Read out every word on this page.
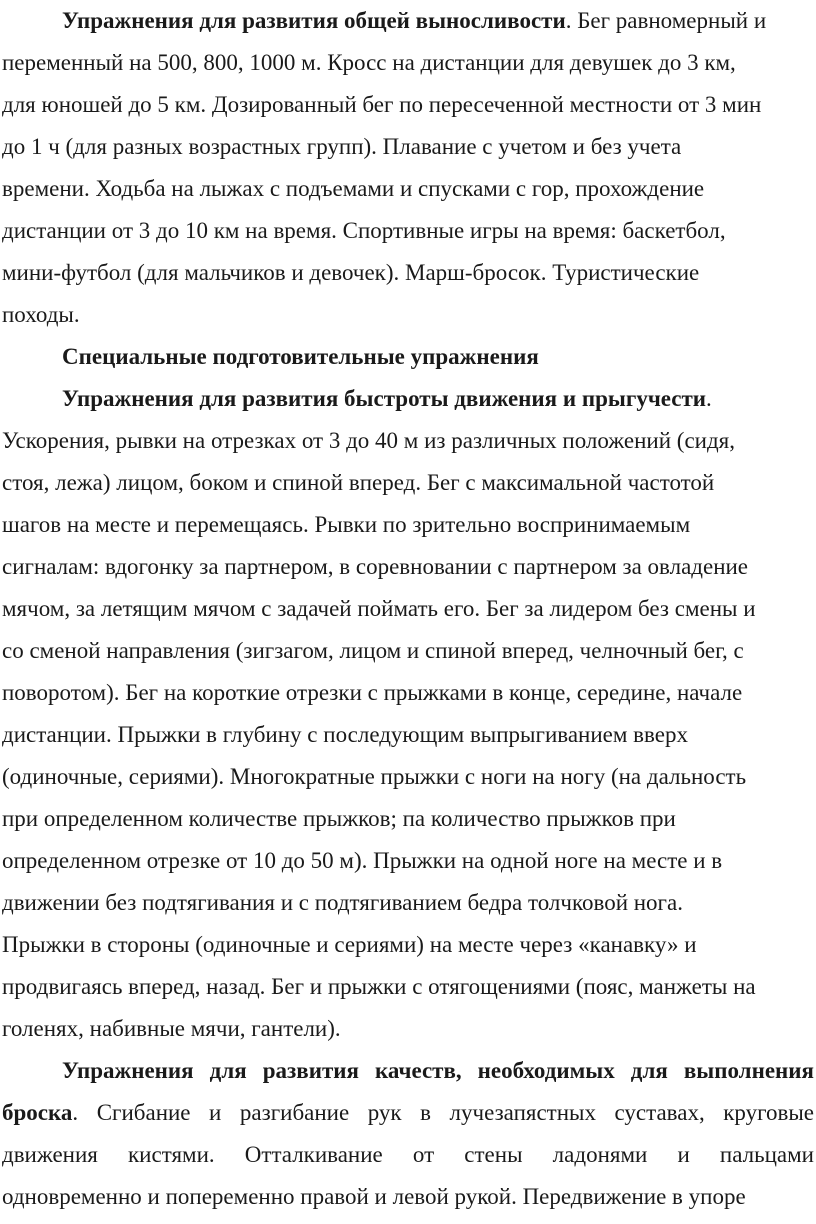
Упражнения для развития общей выносливости. Бег равномерный и
переменный на 500, 800, 1000 м. Кросс на дистанции для девушек до 3 км,
для юношей до 5 км. Дозированный бег по пересеченной местности от 3 мин
до 1 ч (для разных возрастных групп). Плавание с учетом и без учета
времени. Ходьба на лыжах с подъемами и спусками с гор, прохождение
дистанции от 3 до 10 км на время. Спортивные игры на время: баскетбол,
мини-футбол (для мальчиков и девочек). Марш-бросок. Туристические
походы.
Специальные подготовительные упражнения
Упражнения для развития быстроты движения и прыгучести.
Ускорения, рывки на отрезках от 3 до 40 м из различных положений (сидя,
стоя, лежа) лицом, боком и спиной вперед. Бег с максимальной частотой
шагов на месте и перемещаясь. Рывки по зрительно воспринимаемым
сигналам: вдогонку за партнером, в соревновании с партнером за овладение
мячом, за летящим мячом с задачей поймать его. Бег за лидером без смены и
со сменой направления (зигзагом, лицом и спиной вперед, челночный бег, с
поворотом). Бег на короткие отрезки с прыжками в конце, середине, начале
дистанции. Прыжки в глубину с последующим выпрыгиванием вверх
(одиночные, сериями). Многократные прыжки с ноги на ногу (на дальность
при определенном количестве прыжков; па количество прыжков при
определенном отрезке от 10 до 50 м). Прыжки на одной ноге на месте и в
движении без подтягивания и с подтягиванием бедра толчковой нога.
Прыжки в стороны (одиночные и сериями) на месте через «канавку» и
продвигаясь вперед, назад. Бег и прыжки с отягощениями (пояс, манжеты на
голенях, набивные мячи, гантели).
Упражнения для развития качеств, необходимых для выполнения
броска. Сгибание и разгибание рук в лучезапястных суставах, круговые
движения кистями. Отталкивание от стены ладонями и пальцами
одновременно и попеременно правой и левой рукой. Передвижение в упоре
